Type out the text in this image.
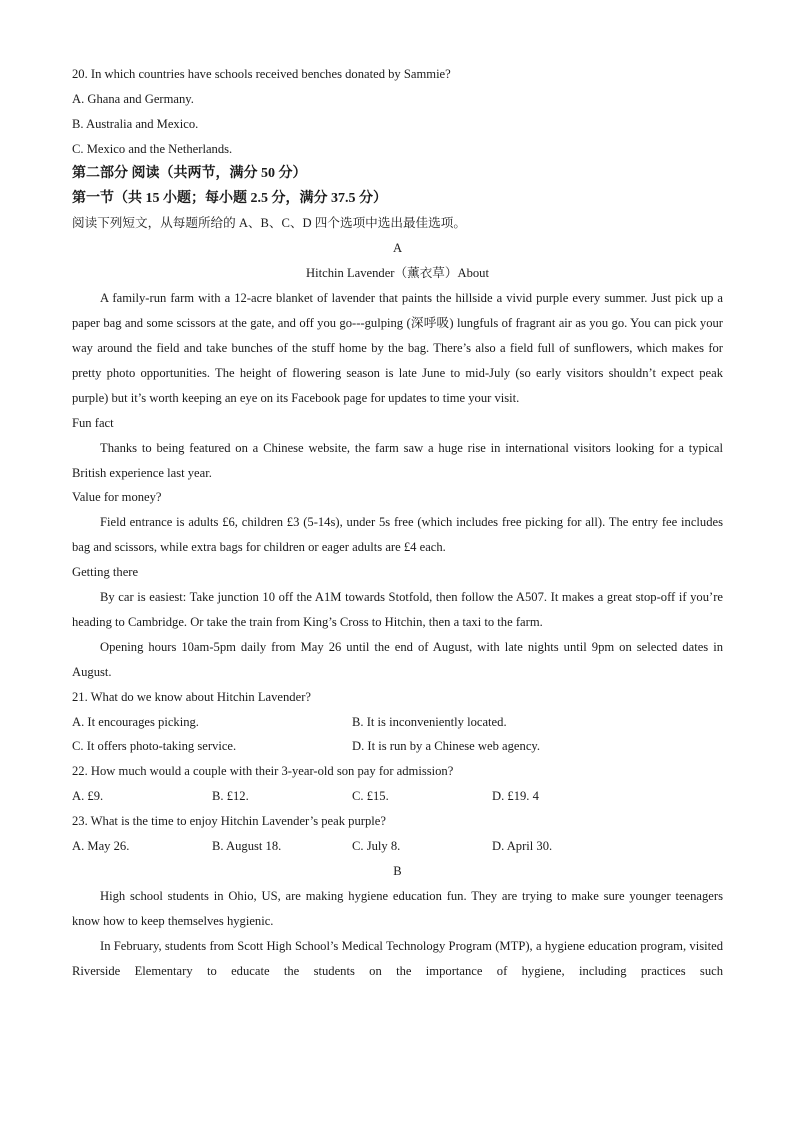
20. In which countries have schools received benches donated by Sammie?
A. Ghana and Germany.
B. Australia and Mexico.
C. Mexico and the Netherlands.
第二部分 阅读（共两节，满分 50 分）
第一节（共 15 小题；每小题 2.5 分，满分 37.5 分）
阅读下列短文，从每题所给的 A、B、C、D 四个选项中选出最佳选项。
A
Hitchin Lavender（薰衣草）About
A family-run farm with a 12-acre blanket of lavender that paints the hillside a vivid purple every summer. Just pick up a paper bag and some scissors at the gate, and off you go---gulping (深呼吸) lungfuls of fragrant air as you go. You can pick your way around the field and take bunches of the stuff home by the bag. There’s also a field full of sunflowers, which makes for pretty photo opportunities. The height of flowering season is late June to mid-July (so early visitors shouldn’t expect peak purple) but it’s worth keeping an eye on its Facebook page for updates to time your visit.
Fun fact
Thanks to being featured on a Chinese website, the farm saw a huge rise in international visitors looking for a typical British experience last year.
Value for money?
Field entrance is adults £6, children £3 (5-14s), under 5s free (which includes free picking for all). The entry fee includes bag and scissors, while extra bags for children or eager adults are £4 each.
Getting there
By car is easiest: Take junction 10 off the A1M towards Stotfold, then follow the A507. It makes a great stop-off if you’re heading to Cambridge. Or take the train from King’s Cross to Hitchin, then a taxi to the farm.
Opening hours 10am-5pm daily from May 26 until the end of August, with late nights until 9pm on selected dates in August.
21. What do we know about Hitchin Lavender?
A. It encourages picking.	B. It is inconveniently located.
C. It offers photo-taking service.	D. It is run by a Chinese web agency.
22. How much would a couple with their 3-year-old son pay for admission?
A. £9.	B. £12.	C. £15.	D. £19. 4
23. What is the time to enjoy Hitchin Lavender’s peak purple?
A. May 26.	B. August 18.	C. July 8.	D. April 30.
B
High school students in Ohio, US, are making hygiene education fun. They are trying to make sure younger teenagers know how to keep themselves hygienic.
In February, students from Scott High School’s Medical Technology Program (MTP), a hygiene education program, visited Riverside Elementary to educate the students on the importance of hygiene, including practices such
